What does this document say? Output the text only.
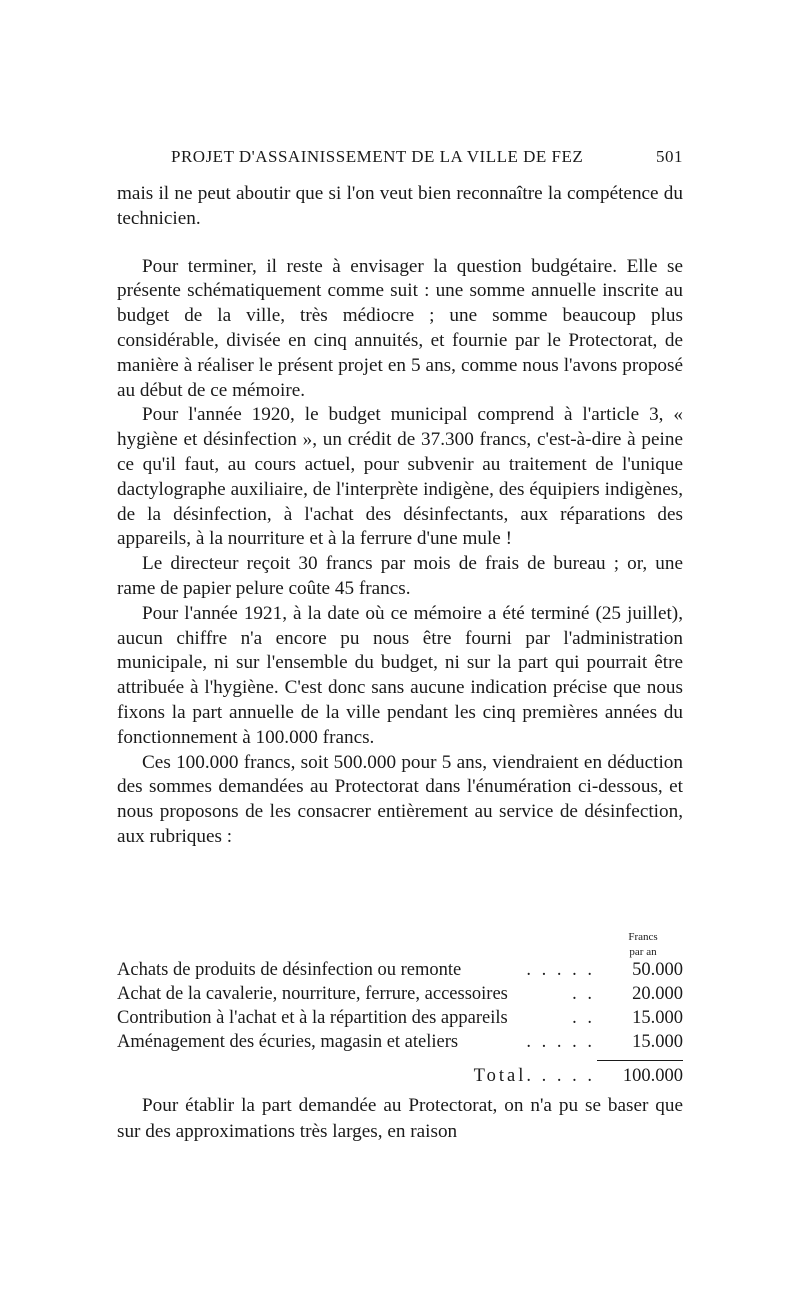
PROJET D'ASSAINISSEMENT DE LA VILLE DE FEZ	501

mais il ne peut aboutir que si l'on veut bien reconnaître la compétence du technicien.

Pour terminer, il reste à envisager la question budgétaire. Elle se présente schématiquement comme suit : une somme annuelle inscrite au budget de la ville, très médiocre ; une somme beaucoup plus considérable, divisée en cinq annuités, et fournie par le Protectorat, de manière à réaliser le présent projet en 5 ans, comme nous l'avons proposé au début de ce mémoire.

Pour l'année 1920, le budget municipal comprend à l'article 3, « hygiène et désinfection », un crédit de 37.300 francs, c'est-à-dire à peine ce qu'il faut, au cours actuel, pour subvenir au traitement de l'unique dactylographe auxiliaire, de l'interprète indigène, des équipiers indigènes, de la désinfection, à l'achat des désinfectants, aux réparations des appareils, à la nourriture et à la ferrure d'une mule !

Le directeur reçoit 30 francs par mois de frais de bureau ; or, une rame de papier pelure coûte 45 francs.

Pour l'année 1921, à la date où ce mémoire a été terminé (25 juillet), aucun chiffre n'a encore pu nous être fourni par l'administration municipale, ni sur l'ensemble du budget, ni sur la part qui pourrait être attribuée à l'hygiène. C'est donc sans aucune indication précise que nous fixons la part annuelle de la ville pendant les cinq premières années du fonctionnement à 100.000 francs.

Ces 100.000 francs, soit 500.000 pour 5 ans, viendraient en déduction des sommes demandées au Protectorat dans l'énumération ci-dessous, et nous proposons de les consacrer entièrement au service de désinfection, aux rubriques :

Francs
par an
Achats de produits de désinfection ou remonte	. . . . .	50.000
Achat de la cavalerie, nourriture, ferrure, accessoires	. .	20.000
Contribution à l'achat et à la répartition des appareils	. .	15.000
Aménagement des écuries, magasin et ateliers	. . . . .	15.000
Total. . . . .	100.000

Pour établir la part demandée au Protectorat, on n'a pu se baser que sur des approximations très larges, en raison
